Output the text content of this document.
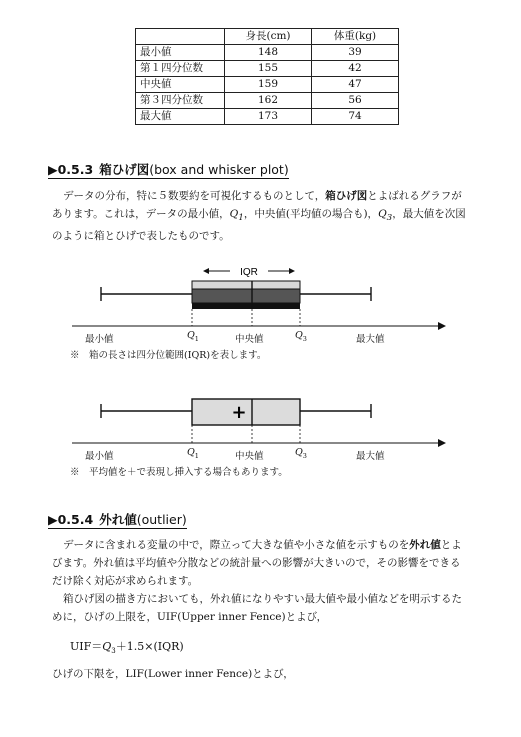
	身長(cm)	体重(kg)
最小値	148	39
第１四分位数	155	42
中央値	159	47
第３四分位数	162	56
最大値	173	74
▶0.5.3 箱ひげ図(box and whisker plot)
データの分布，特に５数要約を可視化するものとして，箱ひげ図とよばれるグラフが
あります。これは，データの最小値，$Q_1$，中央値(平均値の場合も)，$Q_3$，最大値を次図
のように箱とひげで表したものです。
IQR
最小値	$Q_1$	中央値	$Q_3$	最大値
※　箱の長さは四分位範囲(IQR)を表します。
+
最小値	$Q_1$	中央値	$Q_3$	最大値
※　平均値を＋で表現し挿入する場合もあります。
▶0.5.4 外れ値(outlier)
データに含まれる変量の中で，際立って大きな値や小さな値を示すものを外れ値とよ
びます。外れ値は平均値や分散などの統計量への影響が大きいので，その影響をできる
だけ除く対応が求められます。
箱ひげ図の描き方においても，外れ値になりやすい最大値や最小値などを明示するた
めに，ひげの上限を，UIF(Upper inner Fence)とよび，
$UIF=Q_3+1.5\times(IQR)$
ひげの下限を，LIF(Lower inner Fence)とよび，
